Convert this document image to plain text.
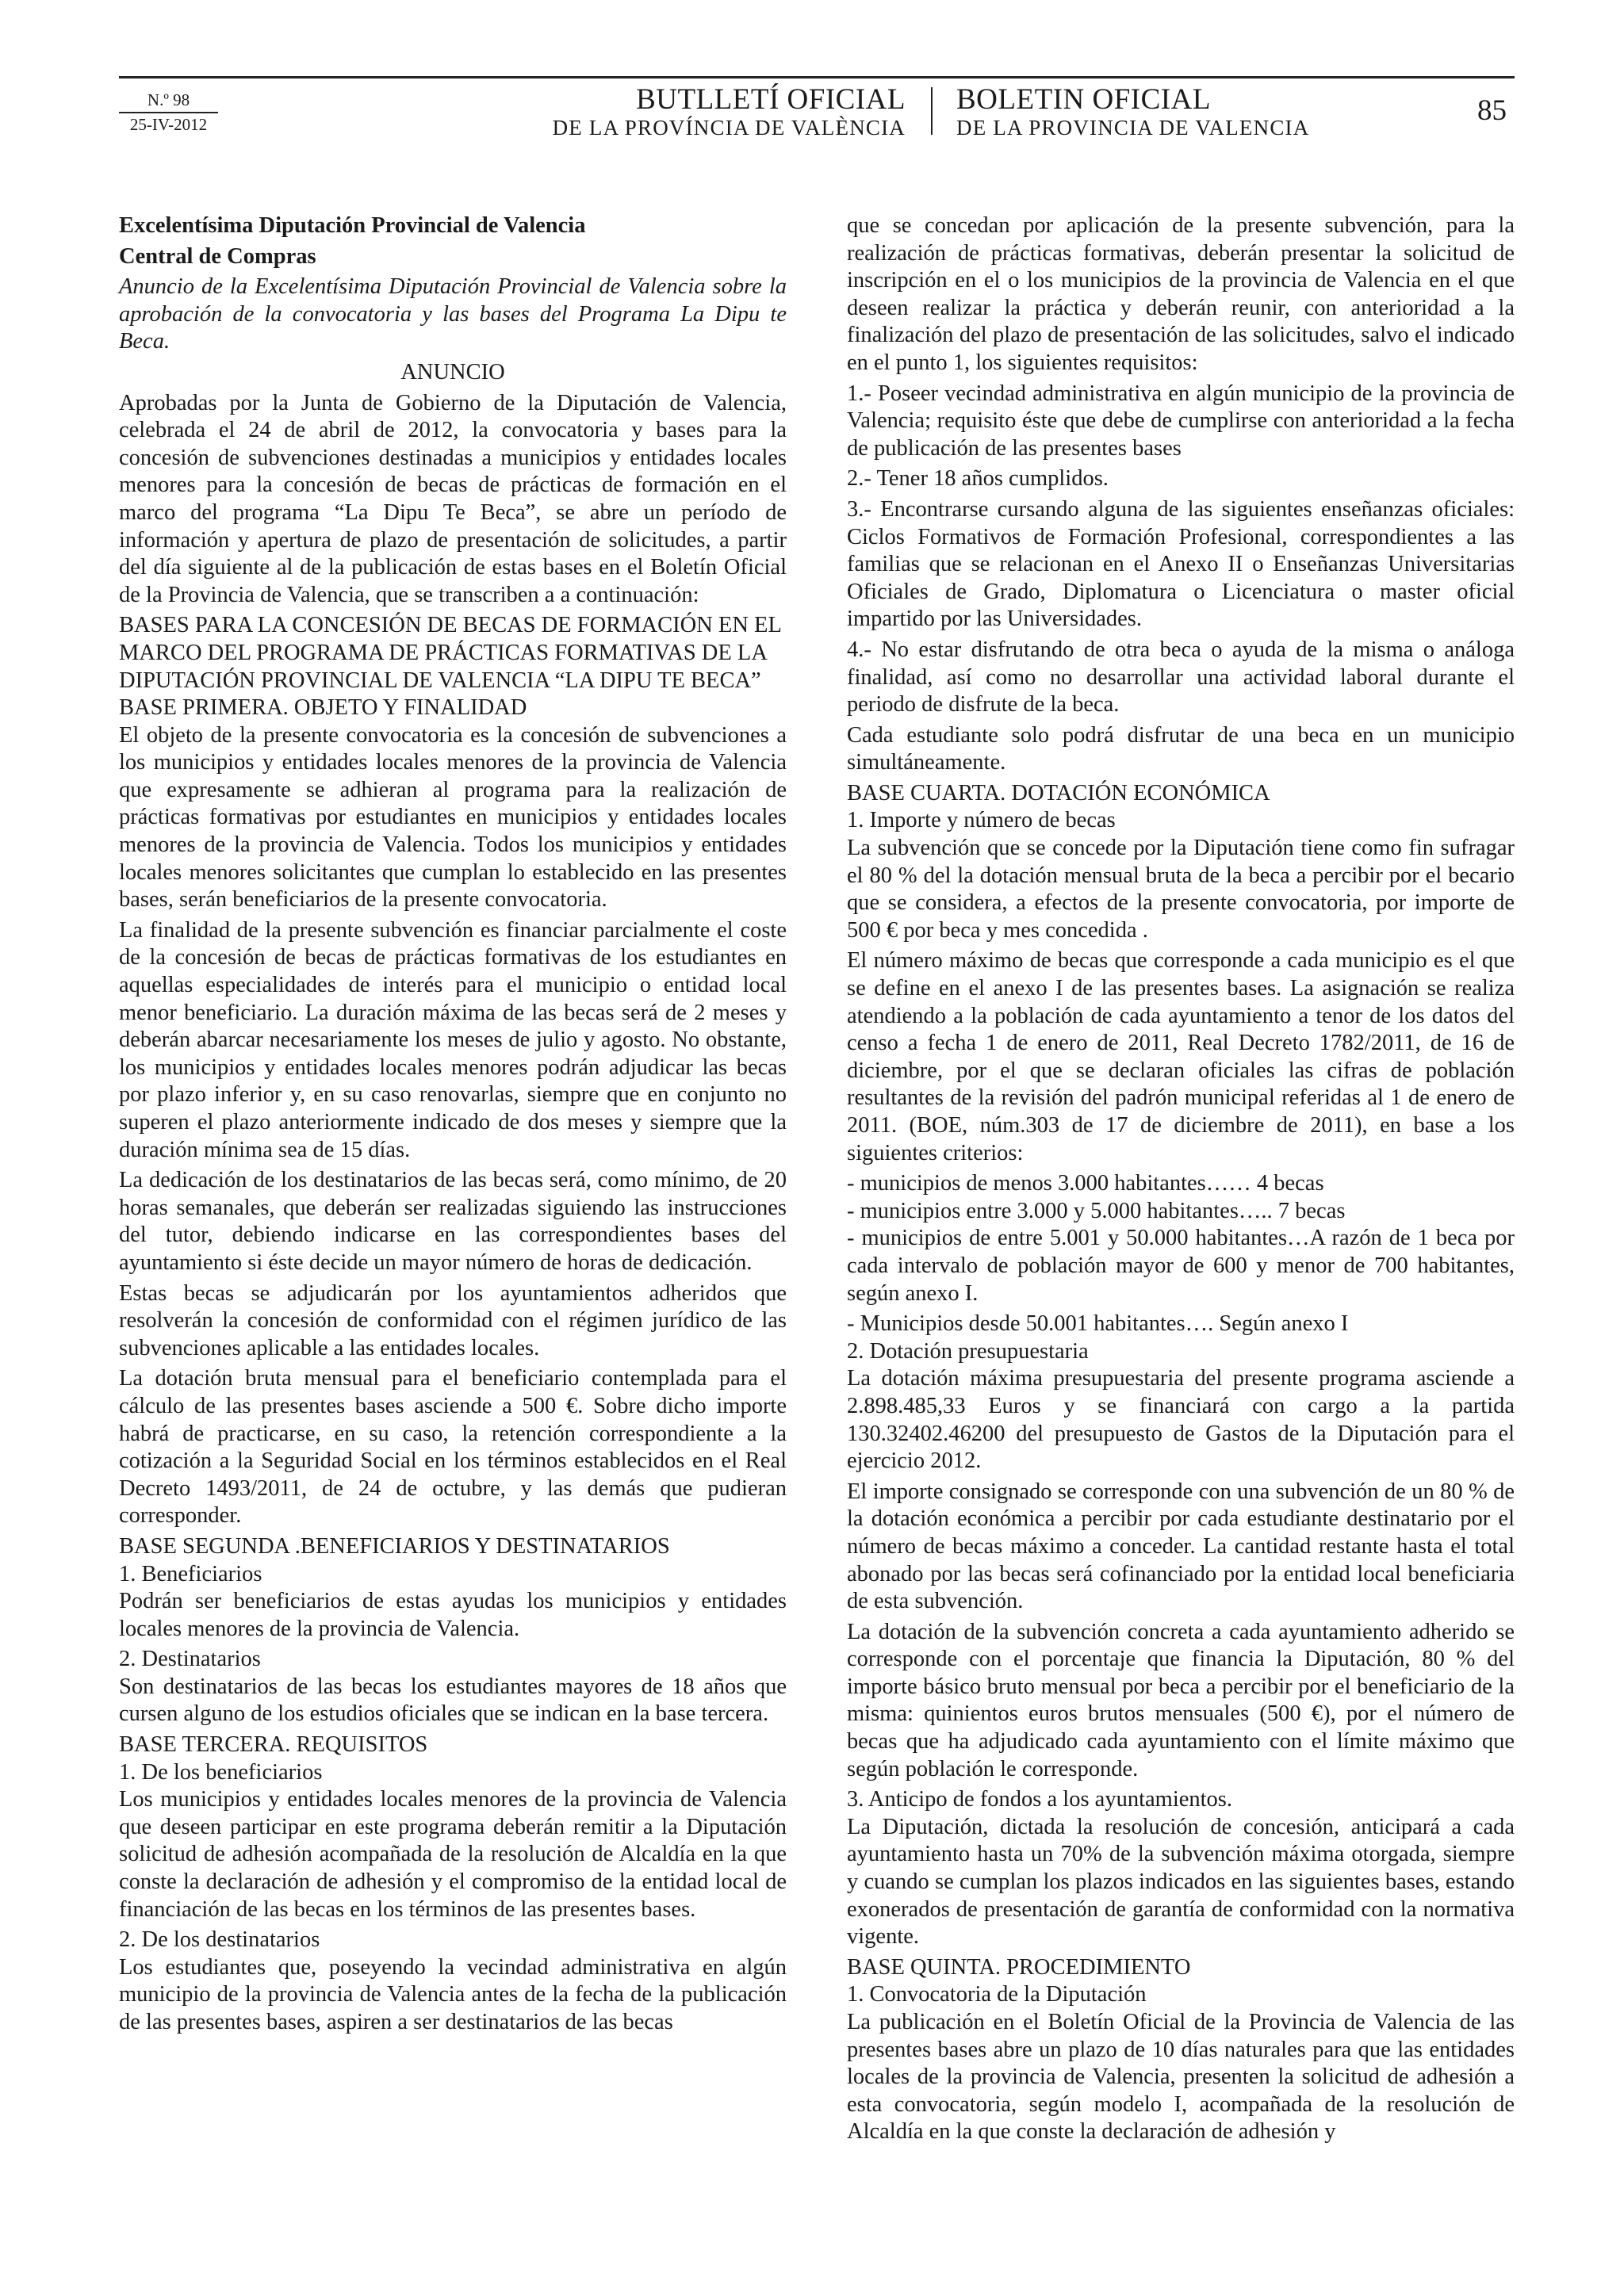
N.º 98
25-IV-2012
BUTLLETÍ OFICIAL
DE LA PROVÍNCIA DE VALÈNCIA
BOLETIN OFICIAL
DE LA PROVINCIA DE VALENCIA
85

Excelentísima Diputación Provincial de Valencia

Central de Compras

Anuncio de la Excelentísima Diputación Provincial de Valencia sobre la aprobación de la convocatoria y las bases del Programa La Dipu te Beca.

ANUNCIO

Aprobadas por la Junta de Gobierno de la Diputación de Valencia, celebrada el 24 de abril de 2012, la convocatoria y bases para la concesión de subvenciones destinadas a municipios y entidades locales menores para la concesión de becas de prácticas de formación en el marco del programa “La Dipu Te Beca”, se abre un período de información y apertura de plazo de presentación de solicitudes, a partir del día siguiente al de la publicación de estas bases en el Boletín Oficial de la Provincia de Valencia, que se transcriben a a continuación:

BASES PARA LA CONCESIÓN DE BECAS DE FORMACIÓN EN EL MARCO DEL PROGRAMA DE PRÁCTICAS FORMATIVAS DE LA DIPUTACIÓN PROVINCIAL DE VALENCIA “LA DIPU TE BECA”

BASE PRIMERA. OBJETO Y FINALIDAD

El objeto de la presente convocatoria es la concesión de subvenciones a los municipios y entidades locales menores de la provincia de Valencia que expresamente se adhieran al programa para la realización de prácticas formativas por estudiantes en municipios y entidades locales menores de la provincia de Valencia. Todos los municipios y entidades locales menores solicitantes que cumplan lo establecido en las presentes bases, serán beneficiarios de la presente convocatoria.

La finalidad de la presente subvención es financiar parcialmente el coste de la concesión de becas de prácticas formativas de los estudiantes en aquellas especialidades de interés para el municipio o entidad local menor beneficiario. La duración máxima de las becas será de 2 meses y deberán abarcar necesariamente los meses de julio y agosto. No obstante, los municipios y entidades locales menores podrán adjudicar las becas por plazo inferior y, en su caso renovarlas, siempre que en conjunto no superen el plazo anteriormente indicado de dos meses y siempre que la duración mínima sea de 15 días.

La dedicación de los destinatarios de las becas será, como mínimo, de 20 horas semanales, que deberán ser realizadas siguiendo las instrucciones del tutor, debiendo indicarse en las correspondientes bases del ayuntamiento si éste decide un mayor número de horas de dedicación.

Estas becas se adjudicarán por los ayuntamientos adheridos que resolverán la concesión de conformidad con el régimen jurídico de las subvenciones aplicable a las entidades locales.

La dotación bruta mensual para el beneficiario contemplada para el cálculo de las presentes bases asciende a 500 €. Sobre dicho importe habrá de practicarse, en su caso, la retención correspondiente a la cotización a la Seguridad Social en los términos establecidos en el Real Decreto 1493/2011, de 24 de octubre, y las demás que pudieran corresponder.

BASE SEGUNDA .BENEFICIARIOS Y DESTINATARIOS

1. Beneficiarios

Podrán ser beneficiarios de estas ayudas los municipios y entidades locales menores de la provincia de Valencia.

2. Destinatarios

Son destinatarios de las becas los estudiantes mayores de 18 años que cursen alguno de los estudios oficiales que se indican en la base tercera.

BASE TERCERA. REQUISITOS

1. De los beneficiarios

Los municipios y entidades locales menores de la provincia de Valencia que deseen participar en este programa deberán remitir a la Diputación solicitud de adhesión acompañada de la resolución de Alcaldía en la que conste la declaración de adhesión y el compromiso de la entidad local de financiación de las becas en los términos de las presentes bases.

2. De los destinatarios

Los estudiantes que, poseyendo la vecindad administrativa en algún municipio de la provincia de Valencia antes de la fecha de la publicación de las presentes bases, aspiren a ser destinatarios de las becas

que se concedan por aplicación de la presente subvención, para la realización de prácticas formativas, deberán presentar la solicitud de inscripción en el o los municipios de la provincia de Valencia en el que deseen realizar la práctica y deberán reunir, con anterioridad a la finalización del plazo de presentación de las solicitudes, salvo el indicado en el punto 1, los siguientes requisitos:

1.- Poseer vecindad administrativa en algún municipio de la provincia de Valencia; requisito éste que debe de cumplirse con anterioridad a la fecha de publicación de las presentes bases

2.- Tener 18 años cumplidos.

3.- Encontrarse cursando alguna de las siguientes enseñanzas oficiales: Ciclos Formativos de Formación Profesional, correspondientes a las familias que se relacionan en el Anexo II o Enseñanzas Universitarias Oficiales de Grado, Diplomatura o Licenciatura o master oficial impartido por las Universidades.

4.- No estar disfrutando de otra beca o ayuda de la misma o análoga finalidad, así como no desarrollar una actividad laboral durante el periodo de disfrute de la beca.

Cada estudiante solo podrá disfrutar de una beca en un municipio simultáneamente.

BASE CUARTA. DOTACIÓN ECONÓMICA

1. Importe y número de becas

La subvención que se concede por la Diputación tiene como fin sufragar el 80 % del la dotación mensual bruta de la beca a percibir por el becario que se considera, a efectos de la presente convocatoria, por importe de 500 € por beca y mes concedida .

El número máximo de becas que corresponde a cada municipio es el que se define en el anexo I de las presentes bases. La asignación se realiza atendiendo a la población de cada ayuntamiento a tenor de los datos del censo a fecha 1 de enero de 2011, Real Decreto 1782/2011, de 16 de diciembre, por el que se declaran oficiales las cifras de población resultantes de la revisión del padrón municipal referidas al 1 de enero de 2011. (BOE, núm.303 de 17 de diciembre de 2011), en base a los siguientes criterios:

- municipios de menos 3.000 habitantes…… 4 becas

- municipios entre 3.000 y 5.000 habitantes….. 7 becas

- municipios de entre 5.001 y 50.000 habitantes…A razón de 1 beca por cada intervalo de población mayor de 600 y menor de 700 habitantes, según anexo I.

- Municipios desde 50.001 habitantes…. Según anexo I

2. Dotación presupuestaria

La dotación máxima presupuestaria del presente programa asciende a 2.898.485,33 Euros y se financiará con cargo a la partida 130.32402.46200 del presupuesto de Gastos de la Diputación para el ejercicio 2012.

El importe consignado se corresponde con una subvención de un 80 % de la dotación económica a percibir por cada estudiante destinatario por el número de becas máximo a conceder. La cantidad restante hasta el total abonado por las becas será cofinanciado por la entidad local beneficiaria de esta subvención.

La dotación de la subvención concreta a cada ayuntamiento adherido se corresponde con el porcentaje que financia la Diputación, 80 % del importe básico bruto mensual por beca a percibir por el beneficiario de la misma: quinientos euros brutos mensuales (500 €), por el número de becas que ha adjudicado cada ayuntamiento con el límite máximo que según población le corresponde.

3. Anticipo de fondos a los ayuntamientos.

La Diputación, dictada la resolución de concesión, anticipará a cada ayuntamiento hasta un 70% de la subvención máxima otorgada, siempre y cuando se cumplan los plazos indicados en las siguientes bases, estando exonerados de presentación de garantía de conformidad con la normativa vigente.

BASE QUINTA. PROCEDIMIENTO

1. Convocatoria de la Diputación

La publicación en el Boletín Oficial de la Provincia de Valencia de las presentes bases abre un plazo de 10 días naturales para que las entidades locales de la provincia de Valencia, presenten la solicitud de adhesión a esta convocatoria, según modelo I, acompañada de la resolución de Alcaldía en la que conste la declaración de adhesión y
